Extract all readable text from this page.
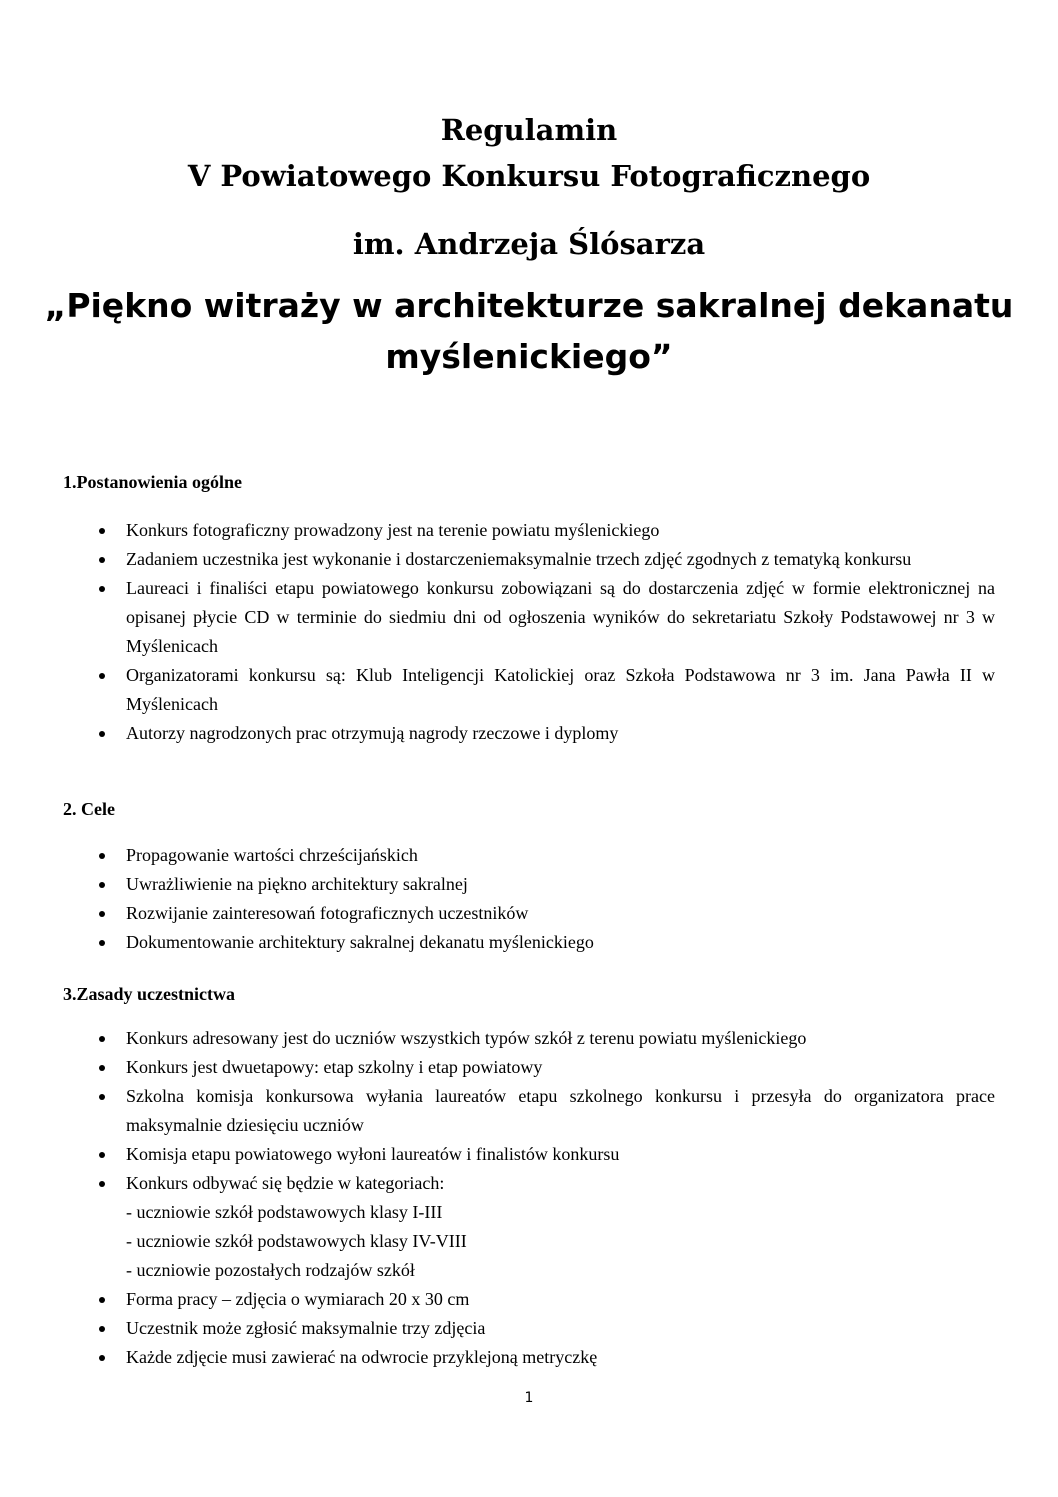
Regulamin
V Powiatowego Konkursu Fotograficznego
im. Andrzeja Ślósarza
„Piękno witraży w architekturze sakralnej dekanatu
myślenickiego”
1.Postanowienia ogólne
Konkurs fotograficzny prowadzony jest na terenie powiatu myślenickiego
Zadaniem uczestnika jest wykonanie i dostarczeniemaksymalnie trzech zdjęć zgodnych z tematyką konkursu
Laureaci i finaliści etapu powiatowego konkursu zobowiązani są do dostarczenia zdjęć w formie elektronicznej na opisanej płycie CD w terminie do siedmiu dni od ogłoszenia wyników do sekretariatu Szkoły Podstawowej nr 3 w Myślenicach
Organizatorami konkursu są: Klub Inteligencji Katolickiej oraz Szkoła Podstawowa nr 3 im. Jana Pawła II w Myślenicach
Autorzy nagrodzonych prac otrzymują nagrody rzeczowe i dyplomy
2. Cele
Propagowanie wartości chrześcijańskich
Uwrażliwienie na piękno architektury sakralnej
Rozwijanie zainteresowań fotograficznych uczestników
Dokumentowanie architektury sakralnej dekanatu myślenickiego
3.Zasady uczestnictwa
Konkurs adresowany jest do uczniów wszystkich typów szkół z terenu powiatu myślenickiego
Konkurs jest dwuetapowy: etap szkolny i etap powiatowy
Szkolna komisja konkursowa wyłania laureatów etapu szkolnego konkursu i przesyła do organizatora prace maksymalnie dziesięciu uczniów
Komisja etapu powiatowego wyłoni laureatów i finalistów konkursu
Konkurs odbywać się będzie w kategoriach:
- uczniowie szkół podstawowych klasy I-III
- uczniowie szkół podstawowych klasy IV-VIII
- uczniowie pozostałych rodzajów szkół
Forma pracy – zdjęcia o wymiarach 20 x 30 cm
Uczestnik może zgłosić maksymalnie trzy zdjęcia
Każde zdjęcie musi zawierać na odwrocie przyklejoną metryczkę
1
